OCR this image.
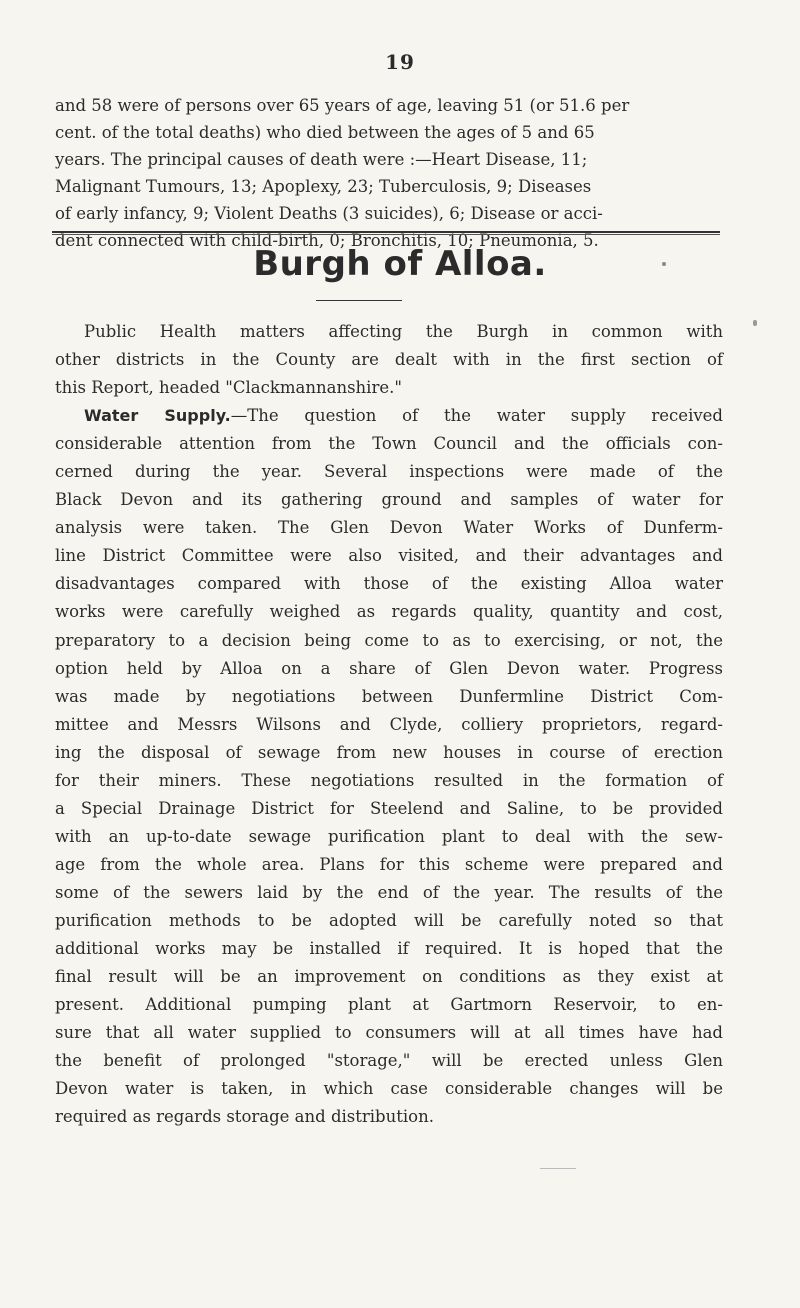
19

and 58 were of persons over 65 years of age, leaving 51 (or 51.6 per
cent. of the total deaths) who died between the ages of 5 and 65
years. The principal causes of death were :—Heart Disease, 11;
Malignant Tumours, 13; Apoplexy, 23; Tuberculosis, 9; Diseases
of early infancy, 9; Violent Deaths (3 suicides), 6; Disease or acci-
dent connected with child-birth, 0; Bronchitis, 10; Pneumonia, 5.

Burgh of Alloa.

Public Health matters affecting the Burgh in common with
other districts in the County are dealt with in the first section of
this Report, headed "Clackmannanshire."
Water Supply.—The question of the water supply received
considerable attention from the Town Council and the officials con-
cerned during the year. Several inspections were made of the
Black Devon and its gathering ground and samples of water for
analysis were taken. The Glen Devon Water Works of Dunferm-
line District Committee were also visited, and their advantages and
disadvantages compared with those of the existing Alloa water
works were carefully weighed as regards quality, quantity and cost,
preparatory to a decision being come to as to exercising, or not, the
option held by Alloa on a share of Glen Devon water. Progress
was made by negotiations between Dunfermline District Com-
mittee and Messrs Wilsons and Clyde, colliery proprietors, regard-
ing the disposal of sewage from new houses in course of erection
for their miners. These negotiations resulted in the formation of
a Special Drainage District for Steelend and Saline, to be provided
with an up-to-date sewage purification plant to deal with the sew-
age from the whole area. Plans for this scheme were prepared and
some of the sewers laid by the end of the year. The results of the
purification methods to be adopted will be carefully noted so that
additional works may be installed if required. It is hoped that the
final result will be an improvement on conditions as they exist at
present. Additional pumping plant at Gartmorn Reservoir, to en-
sure that all water supplied to consumers will at all times have had
the benefit of prolonged "storage," will be erected unless Glen
Devon water is taken, in which case considerable changes will be
required as regards storage and distribution.
